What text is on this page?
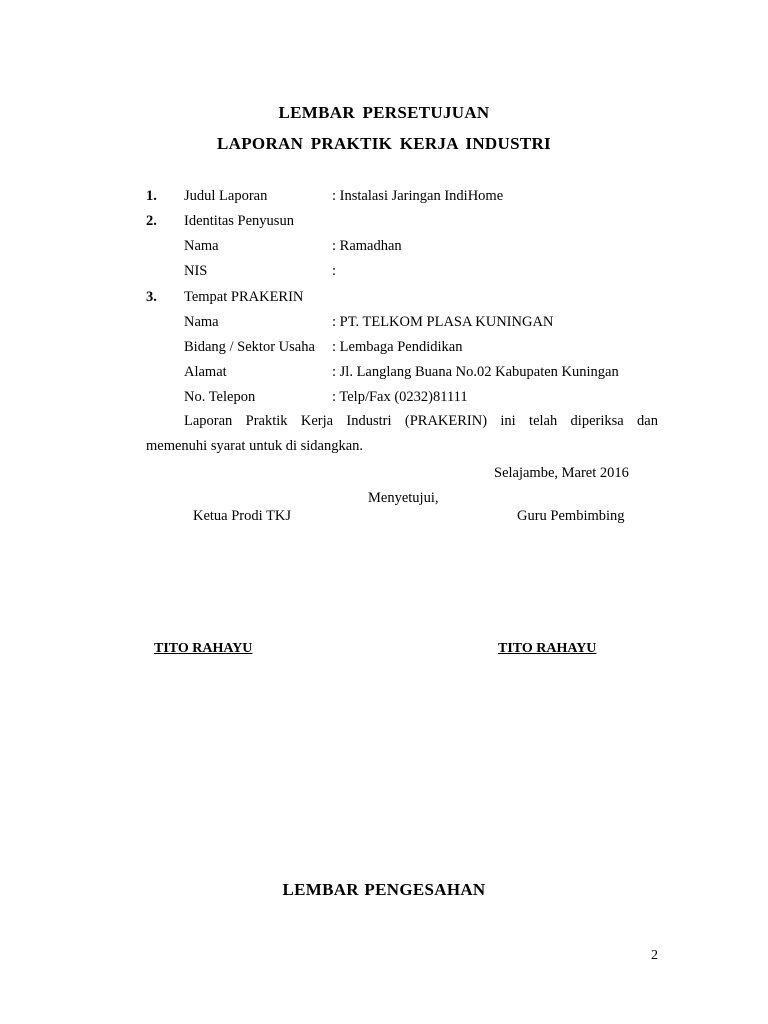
LEMBAR PERSETUJUAN
LAPORAN PRAKTIK KERJA INDUSTRI
1. Judul Laporan	: Instalasi Jaringan IndiHome
2. Identitas Penyusun
Nama	: Ramadhan
NIS	:
3. Tempat PRAKERIN
Nama	: PT. TELKOM PLASA KUNINGAN
Bidang / Sektor Usaha : Lembaga Pendidikan
Alamat	: Jl. Langlang Buana No.02 Kabupaten Kuningan
No. Telepon	: Telp/Fax (0232)81111
Laporan Praktik Kerja Industri (PRAKERIN) ini telah diperiksa dan
memenuhi syarat untuk di sidangkan.
Selajambe, Maret 2016
Menyetujui,
Ketua Prodi TKJ	Guru Pembimbing
TITO RAHAYU	TITO RAHAYU
LEMBAR PENGESAHAN
2
